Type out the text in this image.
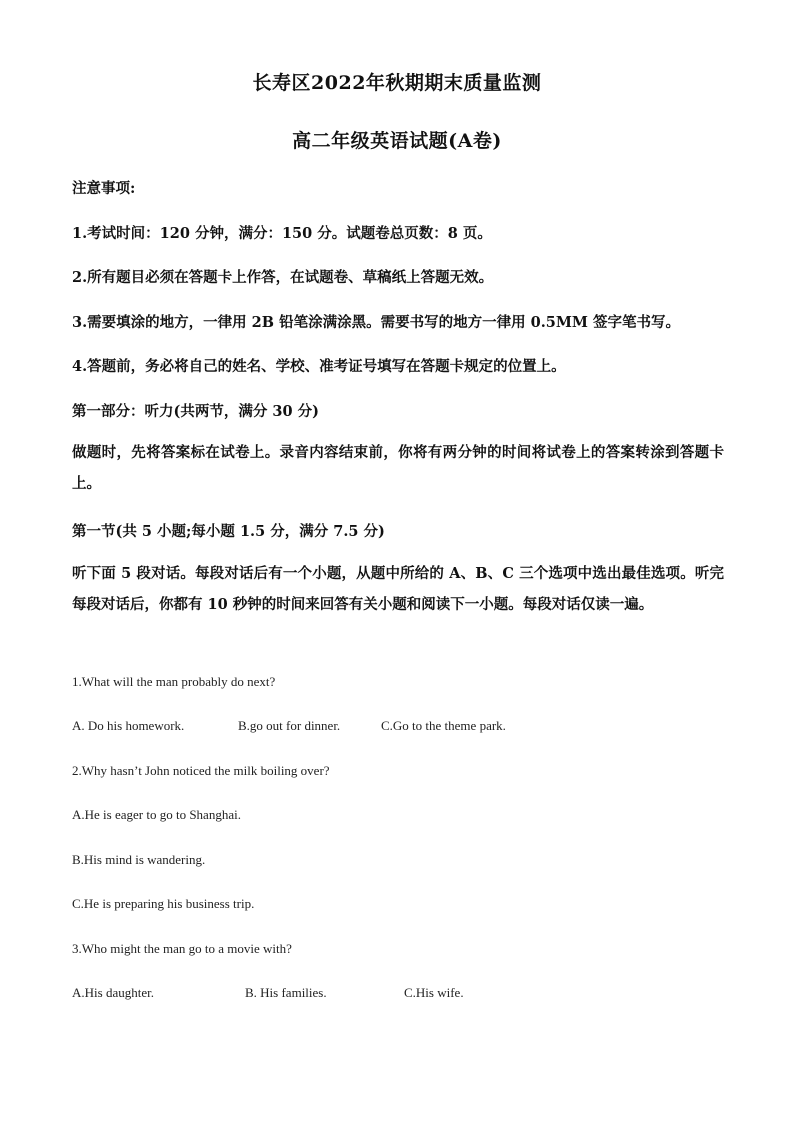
长寿区2022年秋期期末质量监测
高二年级英语试题(A卷)
注意事项:
1.考试时间：120 分钟，满分：150 分。试题卷总页数：8 页。
2.所有题目必须在答题卡上作答，在试题卷、草稿纸上答题无效。
3.需要填涂的地方，一律用 2B 铅笔涂满涂黑。需要书写的地方一律用 0.5MM 签字笔书写。
4.答题前，务必将自己的姓名、学校、准考证号填写在答题卡规定的位置上。
第一部分：听力(共两节，满分 30 分)
做题时，先将答案标在试卷上。录音内容结束前，你将有两分钟的时间将试卷上的答案转涂到答题卡上。
第一节(共 5 小题;每小题 1.5 分，满分 7.5 分)
听下面 5 段对话。每段对话后有一个小题，从题中所给的 A、B、C 三个选项中选出最佳选项。听完每段对话后，你都有 10 秒钟的时间来回答有关小题和阅读下一小题。每段对话仅读一遍。
1.What will the man probably do next?
A. Do his homework.	B.go out for dinner.	C.Go to the theme park.
2.Why hasn’t John noticed the milk boiling over?
A.He is eager to go to Shanghai.
B.His mind is wandering.
C.He is preparing his business trip.
3.Who might the man go to a movie with?
A.His daughter.	B. His families.	C.His wife.
